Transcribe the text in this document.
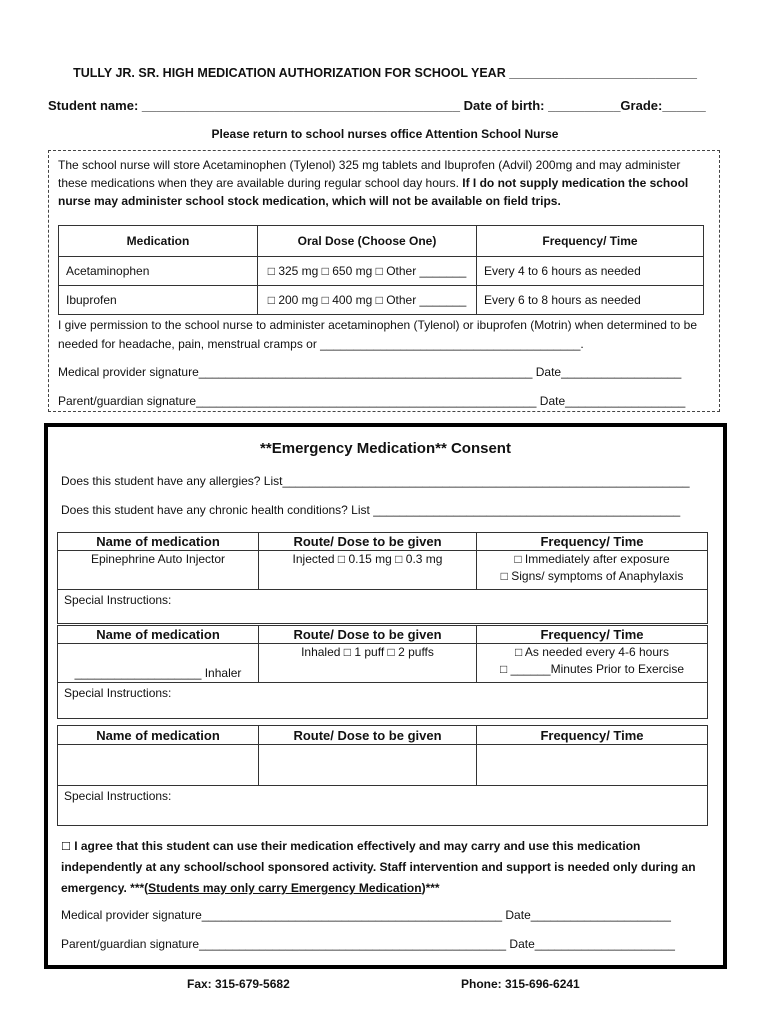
TULLY JR. SR. HIGH MEDICATION AUTHORIZATION FOR SCHOOL YEAR ___________________________
Student name: ____________________________________________ Date of birth: __________Grade:______
Please return to school nurses office Attention School Nurse
The school nurse will store Acetaminophen (Tylenol) 325 mg tablets and Ibuprofen (Advil) 200mg and may administer these medications when they are available during regular school day hours. If I do not supply medication the school nurse may administer school stock medication, which will not be available on field trips.
Medication	Oral Dose (Choose One)	Frequency/ Time
Acetaminophen	□ 325 mg □ 650 mg □ Other _______	Every 4 to 6 hours as needed
Ibuprofen	□ 200 mg □ 400 mg □ Other _______	Every 6 to 8 hours as needed
I give permission to the school nurse to administer acetaminophen (Tylenol) or ibuprofen (Motrin) when determined to be needed for headache, pain, menstrual cramps or _______________________________________.
Medical provider signature__________________________________________________ Date__________________
Parent/guardian signature___________________________________________________ Date__________________
**Emergency Medication** Consent
Does this student have any allergies? List_____________________________________________________________
Does this student have any chronic health conditions? List ______________________________________________
Name of medication	Route/ Dose to be given	Frequency/ Time
Epinephrine Auto Injector	Injected □ 0.15 mg □ 0.3 mg	□ Immediately after exposure
□ Signs/ symptoms of Anaphylaxis

Special Instructions:		
Name of medication	Route/ Dose to be given	Frequency/ Time
___________________ Inhaler	Inhaled □ 1 puff □ 2 puffs	□ As needed every 4-6 hours
□ ______Minutes Prior to Exercise

Special Instructions:		
Name of medication	Route/ Dose to be given	Frequency/ Time

Special Instructions:		
☐ I agree that this student can use their medication effectively and may carry and use this medication independently at any school/school sponsored activity. Staff intervention and support is needed only during an emergency. ***(Students may only carry Emergency Medication)***
Medical provider signature_____________________________________________ Date_____________________
Parent/guardian signature______________________________________________ Date_____________________
Fax: 315-679-5682	Phone: 315-696-6241
